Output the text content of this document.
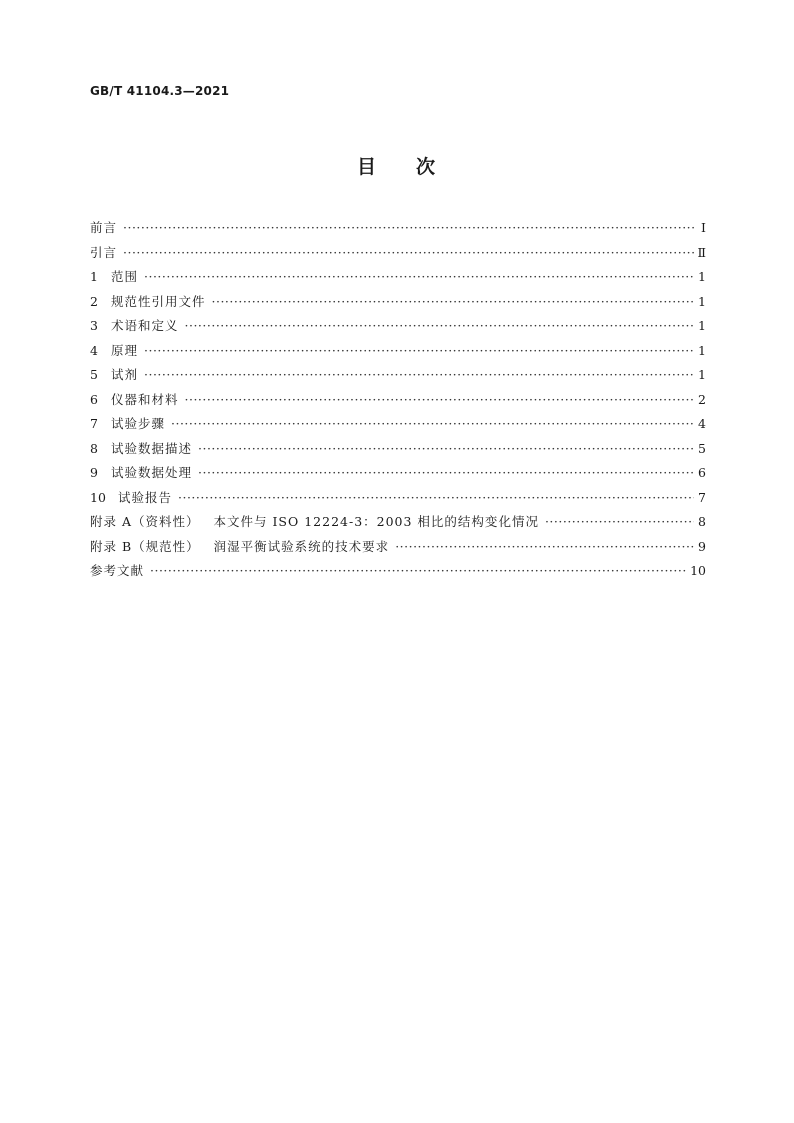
GB/T 41104.3—2021
目 次
前言 ·····	Ⅰ
引言 ·····	Ⅱ
1	范围 ·····	1
2	规范性引用文件 ·····	1
3	术语和定义 ·····	1
4	原理 ·····	1
5	试剂 ·····	1
6	仪器和材料 ·····	2
7	试验步骤 ·····	4
8	试验数据描述 ·····	5
9	试验数据处理 ·····	6
10 试验报告 ·····	7
附录 A（资料性） 本文件与 ISO 12224-3：2003 相比的结构变化情况 ·····	8
附录 B（规范性） 润湿平衡试验系统的技术要求 ·····	9
参考文献 ·····	10
